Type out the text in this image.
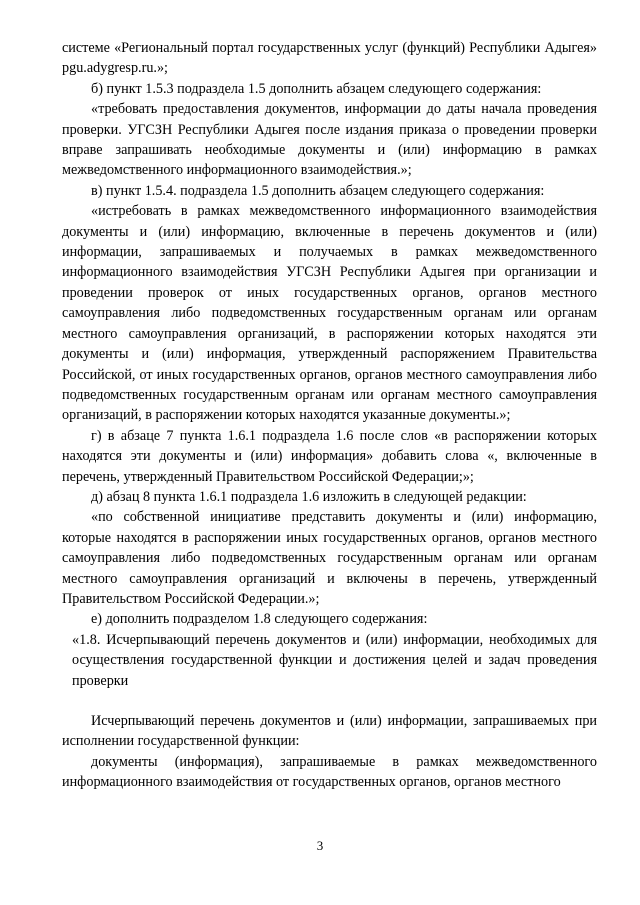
системе «Региональный портал государственных услуг (функций) Республики Адыгея» pgu.adygresp.ru.»;

б) пункт 1.5.3 подраздела 1.5 дополнить абзацем следующего содержания:

«требовать предоставления документов, информации до даты начала проведения проверки. УГСЗН Республики Адыгея после издания приказа о проведении проверки вправе запрашивать необходимые документы и (или) информацию в рамках межведомственного информационного взаимодействия.»;

в) пункт 1.5.4. подраздела 1.5 дополнить абзацем следующего содержания:

«истребовать в рамках межведомственного информационного взаимодействия документы и (или) информацию, включенные в перечень документов и (или) информации, запрашиваемых и получаемых в рамках межведомственного информационного взаимодействия УГСЗН Республики Адыгея при организации и проведении проверок от иных государственных органов, органов местного самоуправления либо подведомственных государственным органам или органам местного самоуправления организаций, в распоряжении которых находятся эти документы и (или) информация, утвержденный распоряжением Правительства Российской, от иных государственных органов, органов местного самоуправления либо подведомственных государственным органам или органам местного самоуправления организаций, в распоряжении которых находятся указанные документы.»;

г) в абзаце 7 пункта 1.6.1 подраздела 1.6 после слов «в распоряжении которых находятся эти документы и (или) информация» добавить слова «, включенные в перечень, утвержденный Правительством Российской Федерации;»;

д) абзац 8 пункта 1.6.1 подраздела 1.6 изложить в следующей редакции:

«по собственной инициативе представить документы и (или) информацию, которые находятся в распоряжении иных государственных органов, органов местного самоуправления либо подведомственных государственным органам или органам местного самоуправления организаций и включены в перечень, утвержденный Правительством Российской Федерации.»;

е) дополнить подразделом 1.8 следующего содержания:

«1.8. Исчерпывающий перечень документов и (или) информации, необходимых для осуществления государственной функции и достижения целей и задач проведения проверки

Исчерпывающий перечень документов и (или) информации, запрашиваемых при исполнении государственной функции:

документы (информация), запрашиваемые в рамках межведомственного информационного взаимодействия от государственных органов, органов местного

3
